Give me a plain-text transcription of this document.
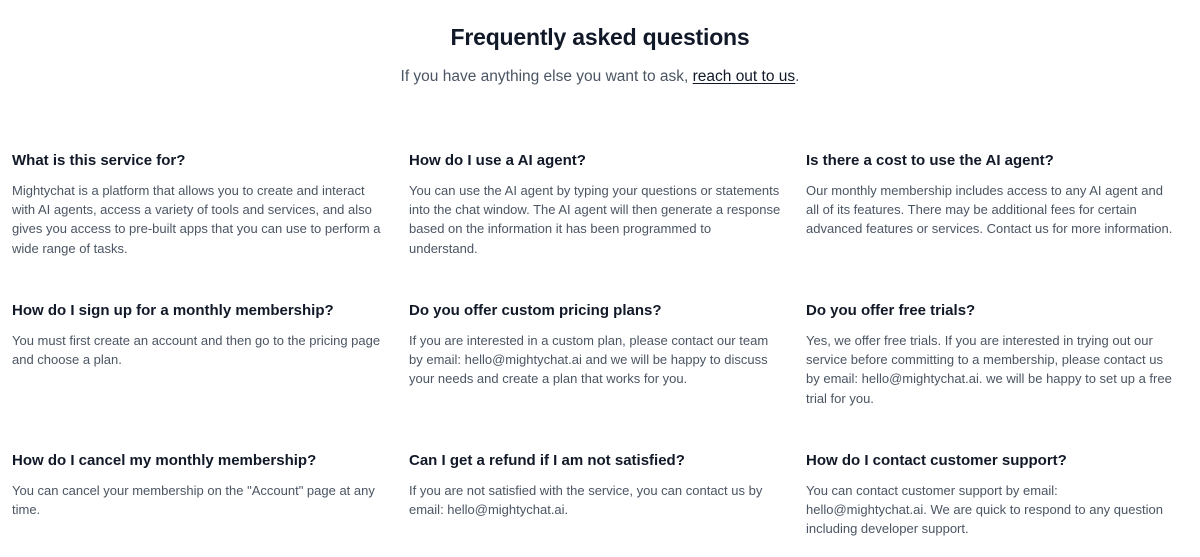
Frequently asked questions

If you have anything else you want to ask, reach out to us.

What is this service for?

Mightychat is a platform that allows you to create and interact with AI agents, access a variety of tools and services, and also gives you access to pre-built apps that you can use to perform a wide range of tasks.

How do I use a AI agent?

You can use the AI agent by typing your questions or statements into the chat window. The AI agent will then generate a response based on the information it has been programmed to understand.

Is there a cost to use the AI agent?

Our monthly membership includes access to any AI agent and all of its features. There may be additional fees for certain advanced features or services. Contact us for more information.

How do I sign up for a monthly membership?

You must first create an account and then go to the pricing page and choose a plan.

Do you offer custom pricing plans?

If you are interested in a custom plan, please contact our team by email: hello@mightychat.ai and we will be happy to discuss your needs and create a plan that works for you.

Do you offer free trials?

Yes, we offer free trials. If you are interested in trying out our service before committing to a membership, please contact us by email: hello@mightychat.ai. we will be happy to set up a free trial for you.

How do I cancel my monthly membership?

You can cancel your membership on the "Account" page at any time.

Can I get a refund if I am not satisfied?

If you are not satisfied with the service, you can contact us by email: hello@mightychat.ai.

How do I contact customer support?

You can contact customer support by email: hello@mightychat.ai. We are quick to respond to any question including developer support.
